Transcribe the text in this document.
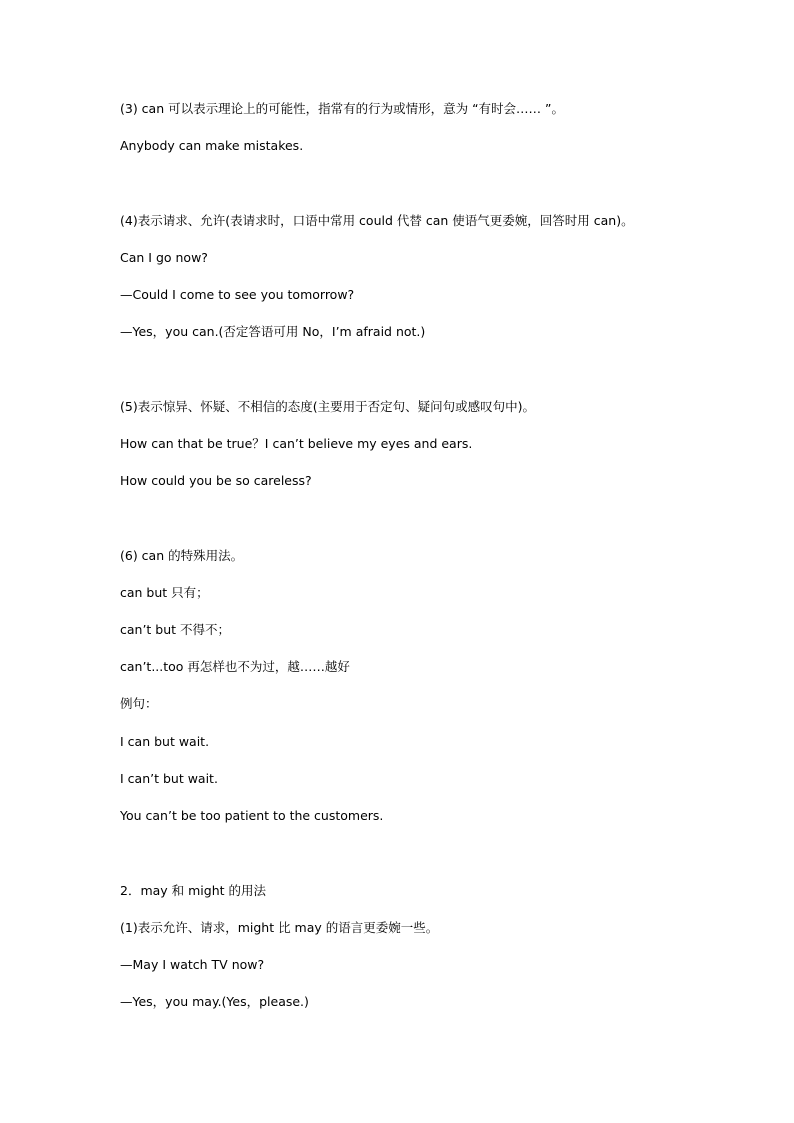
(3) can 可以表示理论上的可能性，指常有的行为或情形，意为 “有时会…… ”。
Anybody can make mistakes.
(4)表示请求、允许(表请求时，口语中常用 could 代替 can 使语气更委婉，回答时用 can)。
Can I go now?
—Could I come to see you tomorrow?
—Yes，you can.(否定答语可用 No，I’m afraid not.)
(5)表示惊异、怀疑、不相信的态度(主要用于否定句、疑问句或感叹句中)。
How can that be true？I can’t believe my eyes and ears.
How could you be so careless?
(6) can 的特殊用法。
can but 只有；
can’t but 不得不；
can’t...too 再怎样也不为过，越……越好
例句：
I can but wait.
I can’t but wait.
You can’t be too patient to the customers.
2．may 和 might 的用法
(1)表示允许、请求，might 比 may 的语言更委婉一些。
—May I watch TV now?
—Yes，you may.(Yes，please.)
